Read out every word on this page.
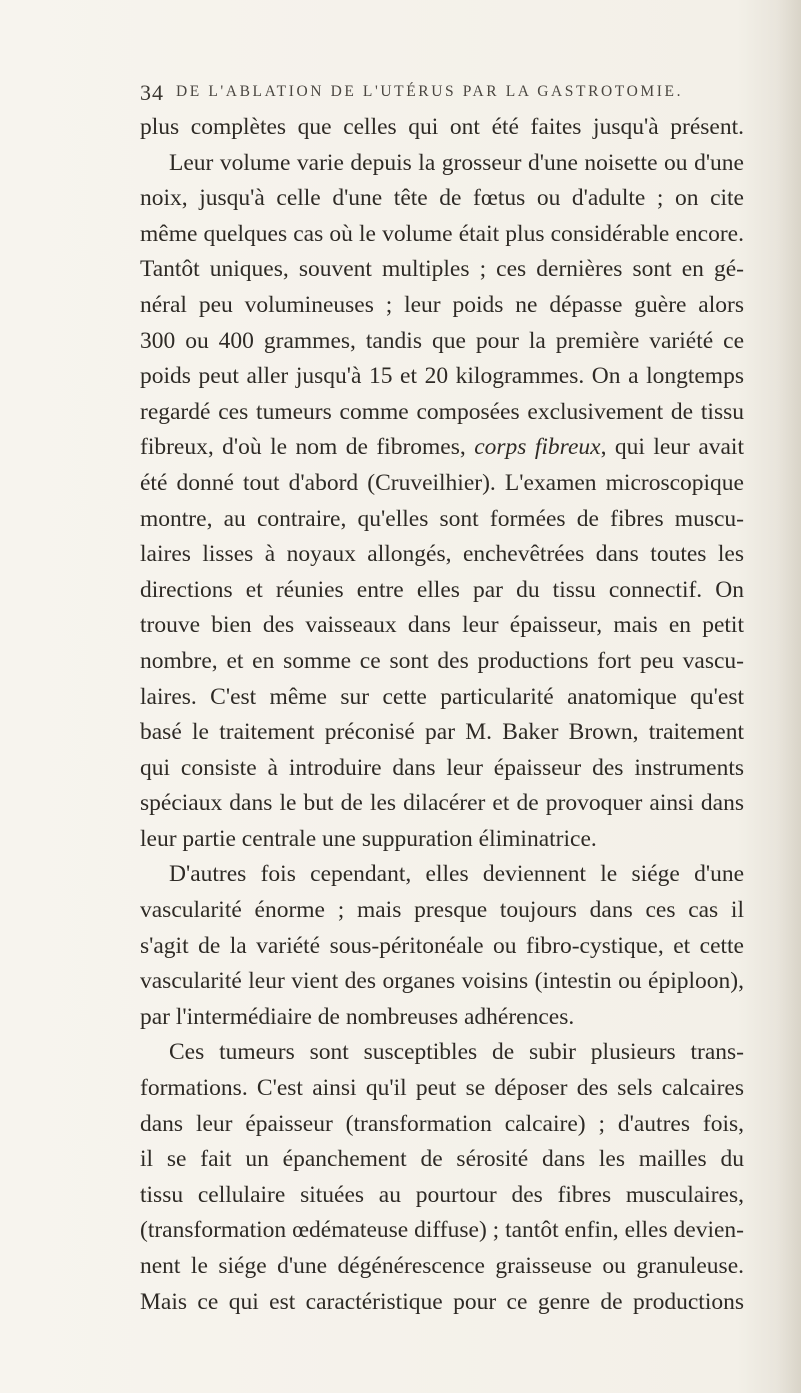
34 DE L'ABLATION DE L'UTÉRUS PAR LA GASTROTOMIE.
plus complètes que celles qui ont été faites jusqu'à présent.
Leur volume varie depuis la grosseur d'une noisette ou d'une
noix, jusqu'à celle d'une tête de fœtus ou d'adulte ; on cite
même quelques cas où le volume était plus considérable encore.
Tantôt uniques, souvent multiples ; ces dernières sont en gé-
néral peu volumineuses ; leur poids ne dépasse guère alors
300 ou 400 grammes, tandis que pour la première variété ce
poids peut aller jusqu'à 15 et 20 kilogrammes. On a longtemps
regardé ces tumeurs comme composées exclusivement de tissu
fibreux, d'où le nom de fibromes, corps fibreux, qui leur avait
été donné tout d'abord (Cruveilhier). L'examen microscopique
montre, au contraire, qu'elles sont formées de fibres muscu-
laires lisses à noyaux allongés, enchevêtrées dans toutes les
directions et réunies entre elles par du tissu connectif. On
trouve bien des vaisseaux dans leur épaisseur, mais en petit
nombre, et en somme ce sont des productions fort peu vascu-
laires. C'est même sur cette particularité anatomique qu'est
basé le traitement préconisé par M. Baker Brown, traitement
qui consiste à introduire dans leur épaisseur des instruments
spéciaux dans le but de les dilacérer et de provoquer ainsi dans
leur partie centrale une suppuration éliminatrice.
D'autres fois cependant, elles deviennent le siége d'une
vascularité énorme ; mais presque toujours dans ces cas il
s'agit de la variété sous-péritonéale ou fibro-cystique, et cette
vascularité leur vient des organes voisins (intestin ou épiploon),
par l'intermédiaire de nombreuses adhérences.
Ces tumeurs sont susceptibles de subir plusieurs trans-
formations. C'est ainsi qu'il peut se déposer des sels calcaires
dans leur épaisseur (transformation calcaire) ; d'autres fois,
il se fait un épanchement de sérosité dans les mailles du
tissu cellulaire situées au pourtour des fibres musculaires,
(transformation œdémateuse diffuse) ; tantôt enfin, elles devien-
nent le siége d'une dégénérescence graisseuse ou granuleuse.
Mais ce qui est caractéristique pour ce genre de productions
